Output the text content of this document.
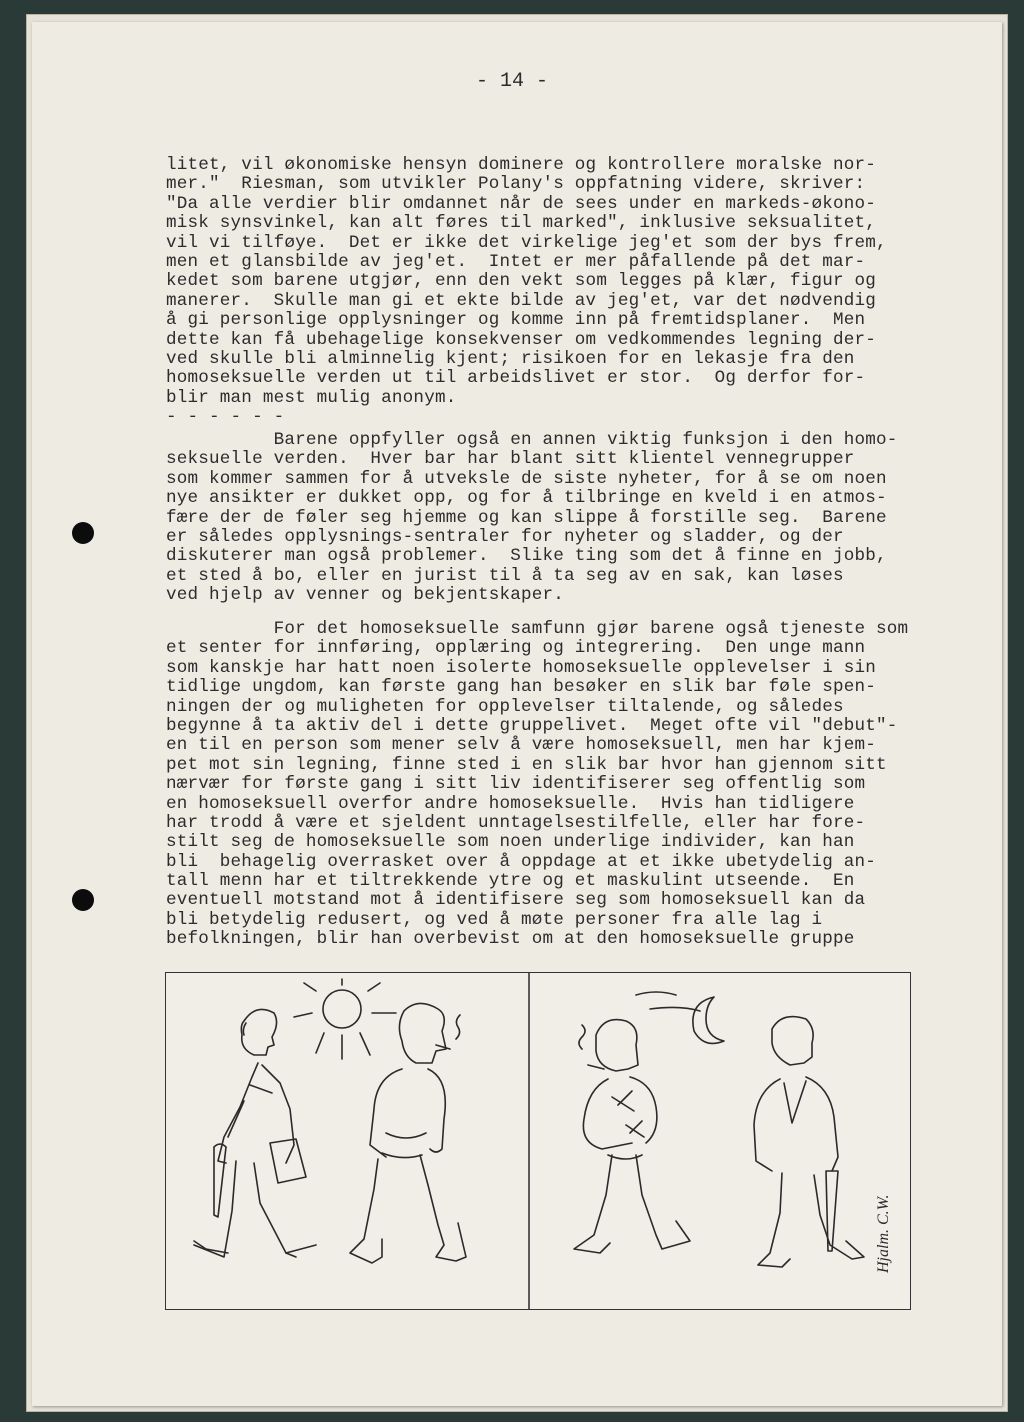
- 14 -
litet, vil økonomiske hensyn dominere og kontrollere moralske nor-
mer."  Riesman, som utvikler Polany's oppfatning videre, skriver:
"Da alle verdier blir omdannet når de sees under en markeds-økono-
misk synsvinkel, kan alt føres til marked", inklusive seksualitet,
vil vi tilføye.  Det er ikke det virkelige jeg'et som der bys frem,
men et glansbilde av jeg'et.  Intet er mer påfallende på det mar-
kedet som barene utgjør, enn den vekt som legges på klær, figur og
manerer.  Skulle man gi et ekte bilde av jeg'et, var det nødvendig
å gi personlige opplysninger og komme inn på fremtidsplaner.  Men
dette kan få ubehagelige konsekvenser om vedkommendes legning der-
ved skulle bli alminnelig kjent; risikoen for en lekasje fra den
homoseksuelle verden ut til arbeidslivet er stor.  Og derfor for-
blir man mest mulig anonym.
- - - - - -
Barene oppfyller også en annen viktig funksjon i den homo-
seksuelle verden.  Hver bar har blant sitt klientel vennegrupper
som kommer sammen for å utveksle de siste nyheter, for å se om noen
nye ansikter er dukket opp, og for å tilbringe en kveld i en atmos-
fære der de føler seg hjemme og kan slippe å forstille seg.  Barene
er således opplysnings-sentraler for nyheter og sladder, og der
diskuterer man også problemer.  Slike ting som det å finne en jobb,
et sted å bo, eller en jurist til å ta seg av en sak, kan løses
ved hjelp av venner og bekjentskaper.
For det homoseksuelle samfunn gjør barene også tjeneste som
et senter for innføring, opplæring og integrering.  Den unge mann
som kanskje har hatt noen isolerte homoseksuelle opplevelser i sin
tidlige ungdom, kan første gang han besøker en slik bar føle spen-
ningen der og muligheten for opplevelser tiltalende, og således
begynne å ta aktiv del i dette gruppelivet.  Meget ofte vil "debut"-
en til en person som mener selv å være homoseksuell, men har kjem-
pet mot sin legning, finne sted i en slik bar hvor han gjennom sitt
nærvær for første gang i sitt liv identifiserer seg offentlig som
en homoseksuell overfor andre homoseksuelle.  Hvis han tidligere
har trodd å være et sjeldent unntagelsestilfelle, eller har fore-
stilt seg de homoseksuelle som noen underlige individer, kan han
bli  behagelig overrasket over å oppdage at et ikke ubetydelig an-
tall menn har et tiltrekkende ytre og et maskulint utseende.  En
eventuell motstand mot å identifisere seg som homoseksuell kan da
bli betydelig redusert, og ved å møte personer fra alle lag i
befolkningen, blir han overbevist om at den homoseksuelle gruppe
Hjalm. C.W.
